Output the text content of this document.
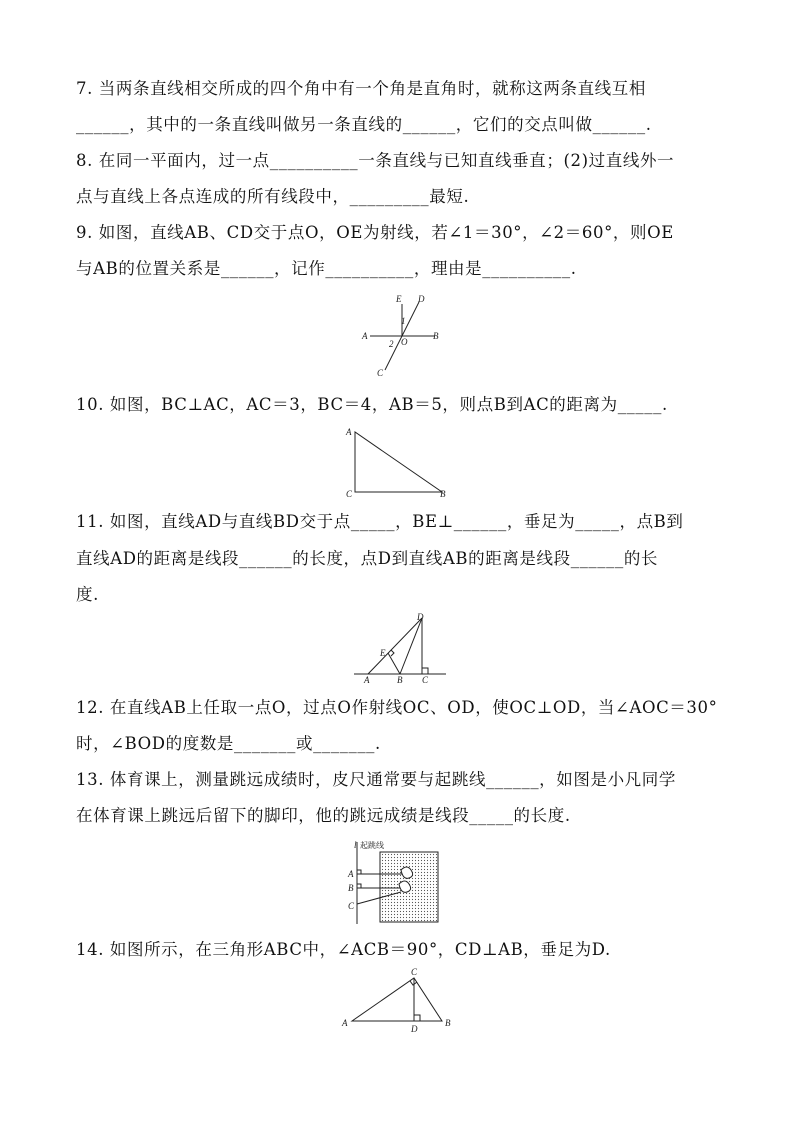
7. 当两条直线相交所成的四个角中有一个角是直角时，就称这两条直线互相
______，其中的一条直线叫做另一条直线的______，它们的交点叫做______.
8. 在同一平面内，过一点__________一条直线与已知直线垂直；(2)过直线外一
点与直线上各点连成的所有线段中，_________最短.
9. 如图，直线AB、CD交于点O，OE为射线，若∠1＝30°，∠2＝60°，则OE
与AB的位置关系是______，记作__________，理由是__________.
E D
1
A
O
B
2
C
10. 如图，BC⊥AC，AC＝3，BC＝4，AB＝5，则点B到AC的距离为_____.
A
C	B
11. 如图，直线AD与直线BD交于点_____，BE⊥______，垂足为_____，点B到
直线AD的距离是线段______的长度，点D到直线AB的距离是线段______的长
度.
D
E
A	B C
12. 在直线AB上任取一点O，过点O作射线OC、OD，使OC⊥OD，当∠AOC＝30°
时，∠BOD的度数是_______或_______.
13. 体育课上，测量跳远成绩时，皮尺通常要与起跳线______，如图是小凡同学
在体育课上跳远后留下的脚印，他的跳远成绩是线段_____的长度.
l 起跳线
A
B
C
14. 如图所示，在三角形ABC中，∠ACB＝90°，CD⊥AB，垂足为D.
C
A
D
B
